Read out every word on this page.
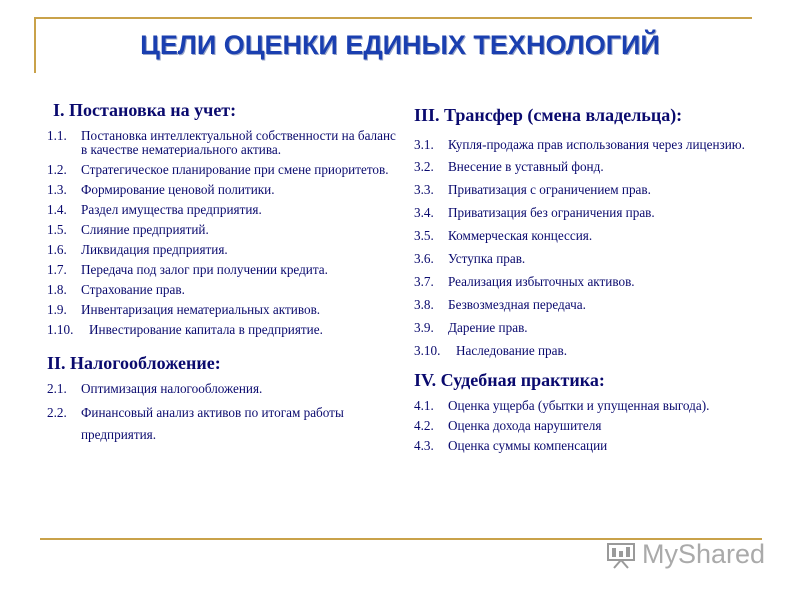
ЦЕЛИ ОЦЕНКИ ЕДИНЫХ ТЕХНОЛОГИЙ
I. Постановка на учет:
1.1.	Постановка интеллектуальной собственности на баланс в качестве нематериального актива.
1.2.	Стратегическое планирование при смене приоритетов.
1.3.	Формирование ценовой политики.
1.4.	Раздел имущества предприятия.
1.5.	Слияние предприятий.
1.6.	Ликвидация предприятия.
1.7.	Передача под залог при получении кредита.
1.8.	Страхование прав.
1.9.	Инвентаризация нематериальных активов.
1.10.	Инвестирование капитала в предприятие.
II. Налогообложение:
2.1.	Оптимизация налогообложения.
2.2.	Финансовый анализ активов по итогам работы предприятия.
III. Трансфер (смена владельца):
3.1.	Купля-продажа прав использования через лицензию.
3.2.	Внесение в уставный фонд.
3.3.	Приватизация с ограничением прав.
3.4.	Приватизация без ограничения прав.
3.5.	Коммерческая концессия.
3.6.	Уступка прав.
3.7.	Реализация избыточных активов.
3.8.	Безвозмездная передача.
3.9.	Дарение прав.
3.10.	Наследование прав.
IV. Судебная практика:
4.1.	Оценка ущерба (убытки и упущенная выгода).
4.2.	Оценка дохода нарушителя
4.3.	Оценка суммы компенсации
MyShared
